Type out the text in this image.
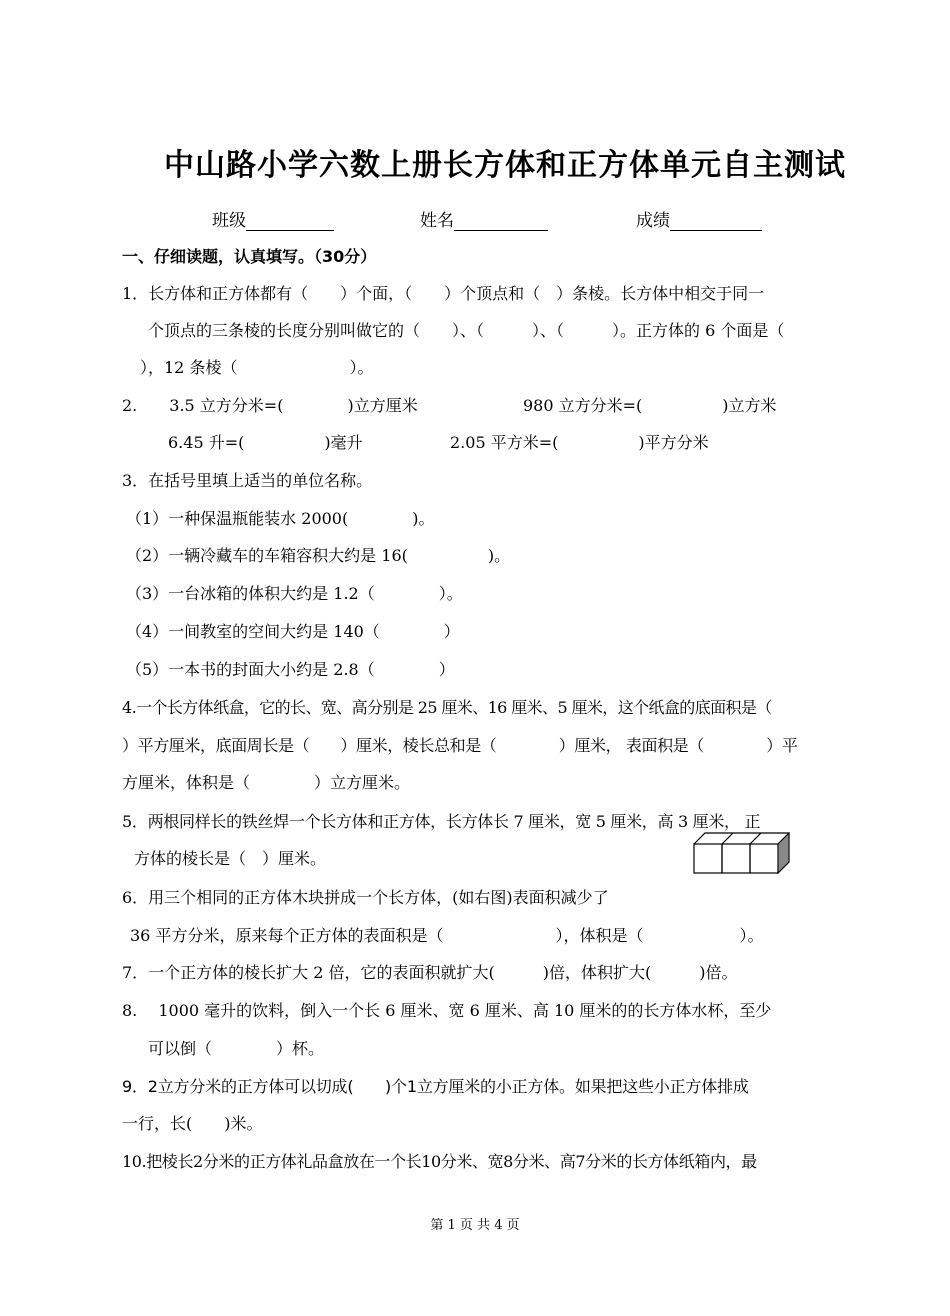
中山路小学六数上册长方体和正方体单元自主测试
班级	姓名	成绩
一、仔细读题，认真填写。（30分）
1．长方体和正方体都有（　　）个面，（　　）个顶点和（　）条棱。长方体中相交于同一
个顶点的三条棱的长度分别叫做它的（　　）、（　　　）、（　　　）。正方体的 6 个面是（
），12 条棱（　　　　　　　）。
2.　　3.5 立方分米=(　　　　)立方厘米	980 立方分米=(　　　　　)立方米
6.45 升=(　　　　　)毫升	2.05 平方米=(　　　　　)平方分米
3．在括号里填上适当的单位名称。
（1）一种保温瓶能装水 2000(　　　　)。
（2）一辆冷藏车的车箱容积大约是 16(　　　　　)。
（3）一台冰箱的体积大约是 1.2（　　　　）。
（4）一间教室的空间大约是 140（　　　　）
（5）一本书的封面大小约是 2.8（　　　　）
4.一个长方体纸盒，它的长、宽、高分别是 25 厘米、16 厘米、5 厘米，这个纸盒的底面积是（
）平方厘米，底面周长是（　　）厘米，棱长总和是（　　　　）厘米， 表面积是（　　　　）平
方厘米，体积是（　　　　）立方厘米。
5．两根同样长的铁丝焊一个长方体和正方体，长方体长 7 厘米，宽 5 厘米，高 3 厘米， 正
方体的棱长是（　）厘米。
6．用三个相同的正方体木块拼成一个长方体，(如右图)表面积减少了
36 平方分米，原来每个正方体的表面积是（　　　　　　　），体积是（　　　　　　）。
7．一个正方体的棱长扩大 2 倍，它的表面积就扩大(　　　)倍，体积扩大(　　　)倍。
8.　 1000 毫升的饮料，倒入一个长 6 厘米、宽 6 厘米、高 10 厘米的的长方体水杯，至少
可以倒（　　　　）杯。
9．2立方分米的正方体可以切成(　　)个1立方厘米的小正方体。如果把这些小正方体排成
一行，长(　　)米。
10.把棱长2分米的正方体礼品盒放在一个长10分米、宽8分米、高7分米的长方体纸箱内，最
第 1 页 共 4 页
